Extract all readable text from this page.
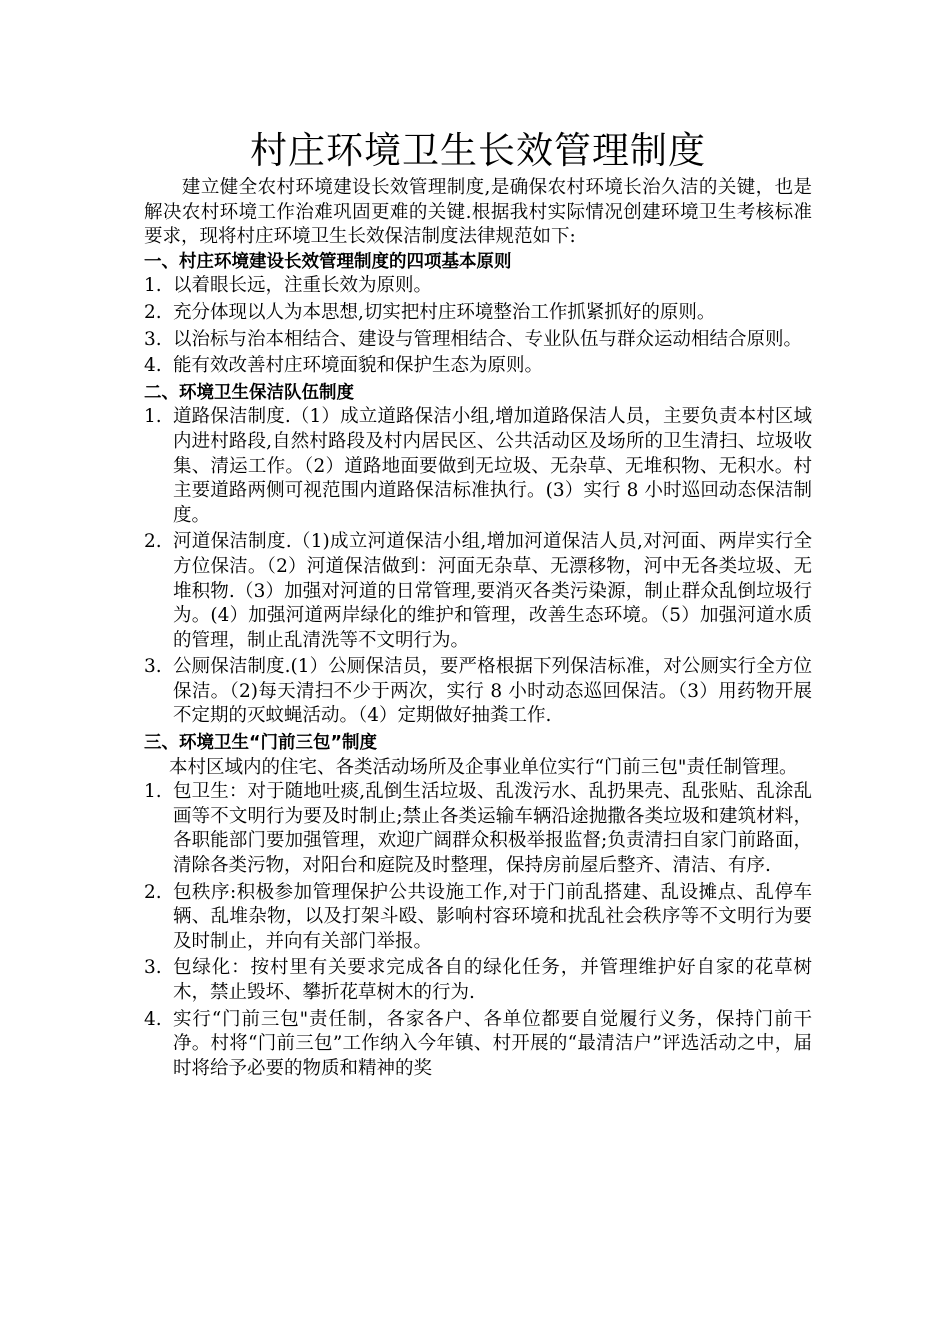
村庄环境卫生长效管理制度

建立健全农村环境建设长效管理制度,是确保农村环境长治久洁的关键，也是解决农村环境工作治难巩固更难的关键.根据我村实际情况创建环境卫生考核标准要求，现将村庄环境卫生长效保洁制度法律规范如下:

一、村庄环境建设长效管理制度的四项基本原则
1. 以着眼长远，注重长效为原则。
2. 充分体现以人为本思想,切实把村庄环境整治工作抓紧抓好的原则。
3. 以治标与治本相结合、建设与管理相结合、专业队伍与群众运动相结合原则。
4. 能有效改善村庄环境面貌和保护生态为原则。
二、环境卫生保洁队伍制度
1. 道路保洁制度.（1）成立道路保洁小组,增加道路保洁人员，主要负责本村区域内进村路段,自然村路段及村内居民区、公共活动区及场所的卫生清扫、垃圾收集、清运工作。（2）道路地面要做到无垃圾、无杂草、无堆积物、无积水。村主要道路两侧可视范围内道路保洁标准执行。(3）实行 8 小时巡回动态保洁制度。
2. 河道保洁制度.（1)成立河道保洁小组,增加河道保洁人员,对河面、两岸实行全方位保洁。（2）河道保洁做到：河面无杂草、无漂移物，河中无各类垃圾、无堆积物.（3）加强对河道的日常管理,要消灭各类污染源，制止群众乱倒垃圾行为。(4）加强河道两岸绿化的维护和管理，改善生态环境。（5）加强河道水质的管理，制止乱清洗等不文明行为。
3. 公厕保洁制度.(1）公厕保洁员，要严格根据下列保洁标准，对公厕实行全方位保洁。（2)每天清扫不少于两次，实行 8 小时动态巡回保洁。（3）用药物开展不定期的灭蚊蝇活动。（4）定期做好抽粪工作.
三、环境卫生“门前三包”制度

本村区域内的住宅、各类活动场所及企事业单位实行“门前三包"责任制管理。

1. 包卫生：对于随地吐痰,乱倒生活垃圾、乱泼污水、乱扔果壳、乱张贴、乱涂乱画等不文明行为要及时制止;禁止各类运输车辆沿途抛撒各类垃圾和建筑材料，各职能部门要加强管理，欢迎广阔群众积极举报监督;负责清扫自家门前路面，清除各类污物，对阳台和庭院及时整理，保持房前屋后整齐、清洁、有序.
2. 包秩序:积极参加管理保护公共设施工作,对于门前乱搭建、乱设摊点、乱停车辆、乱堆杂物，以及打架斗殴、影响村容环境和扰乱社会秩序等不文明行为要及时制止，并向有关部门举报。
3. 包绿化：按村里有关要求完成各自的绿化任务，并管理维护好自家的花草树木，禁止毁坏、攀折花草树木的行为.
4. 实行“门前三包"责任制，各家各户、各单位都要自觉履行义务，保持门前干净。村将“门前三包”工作纳入今年镇、村开展的“最清洁户”评选活动之中，届时将给予必要的物质和精神的奖
